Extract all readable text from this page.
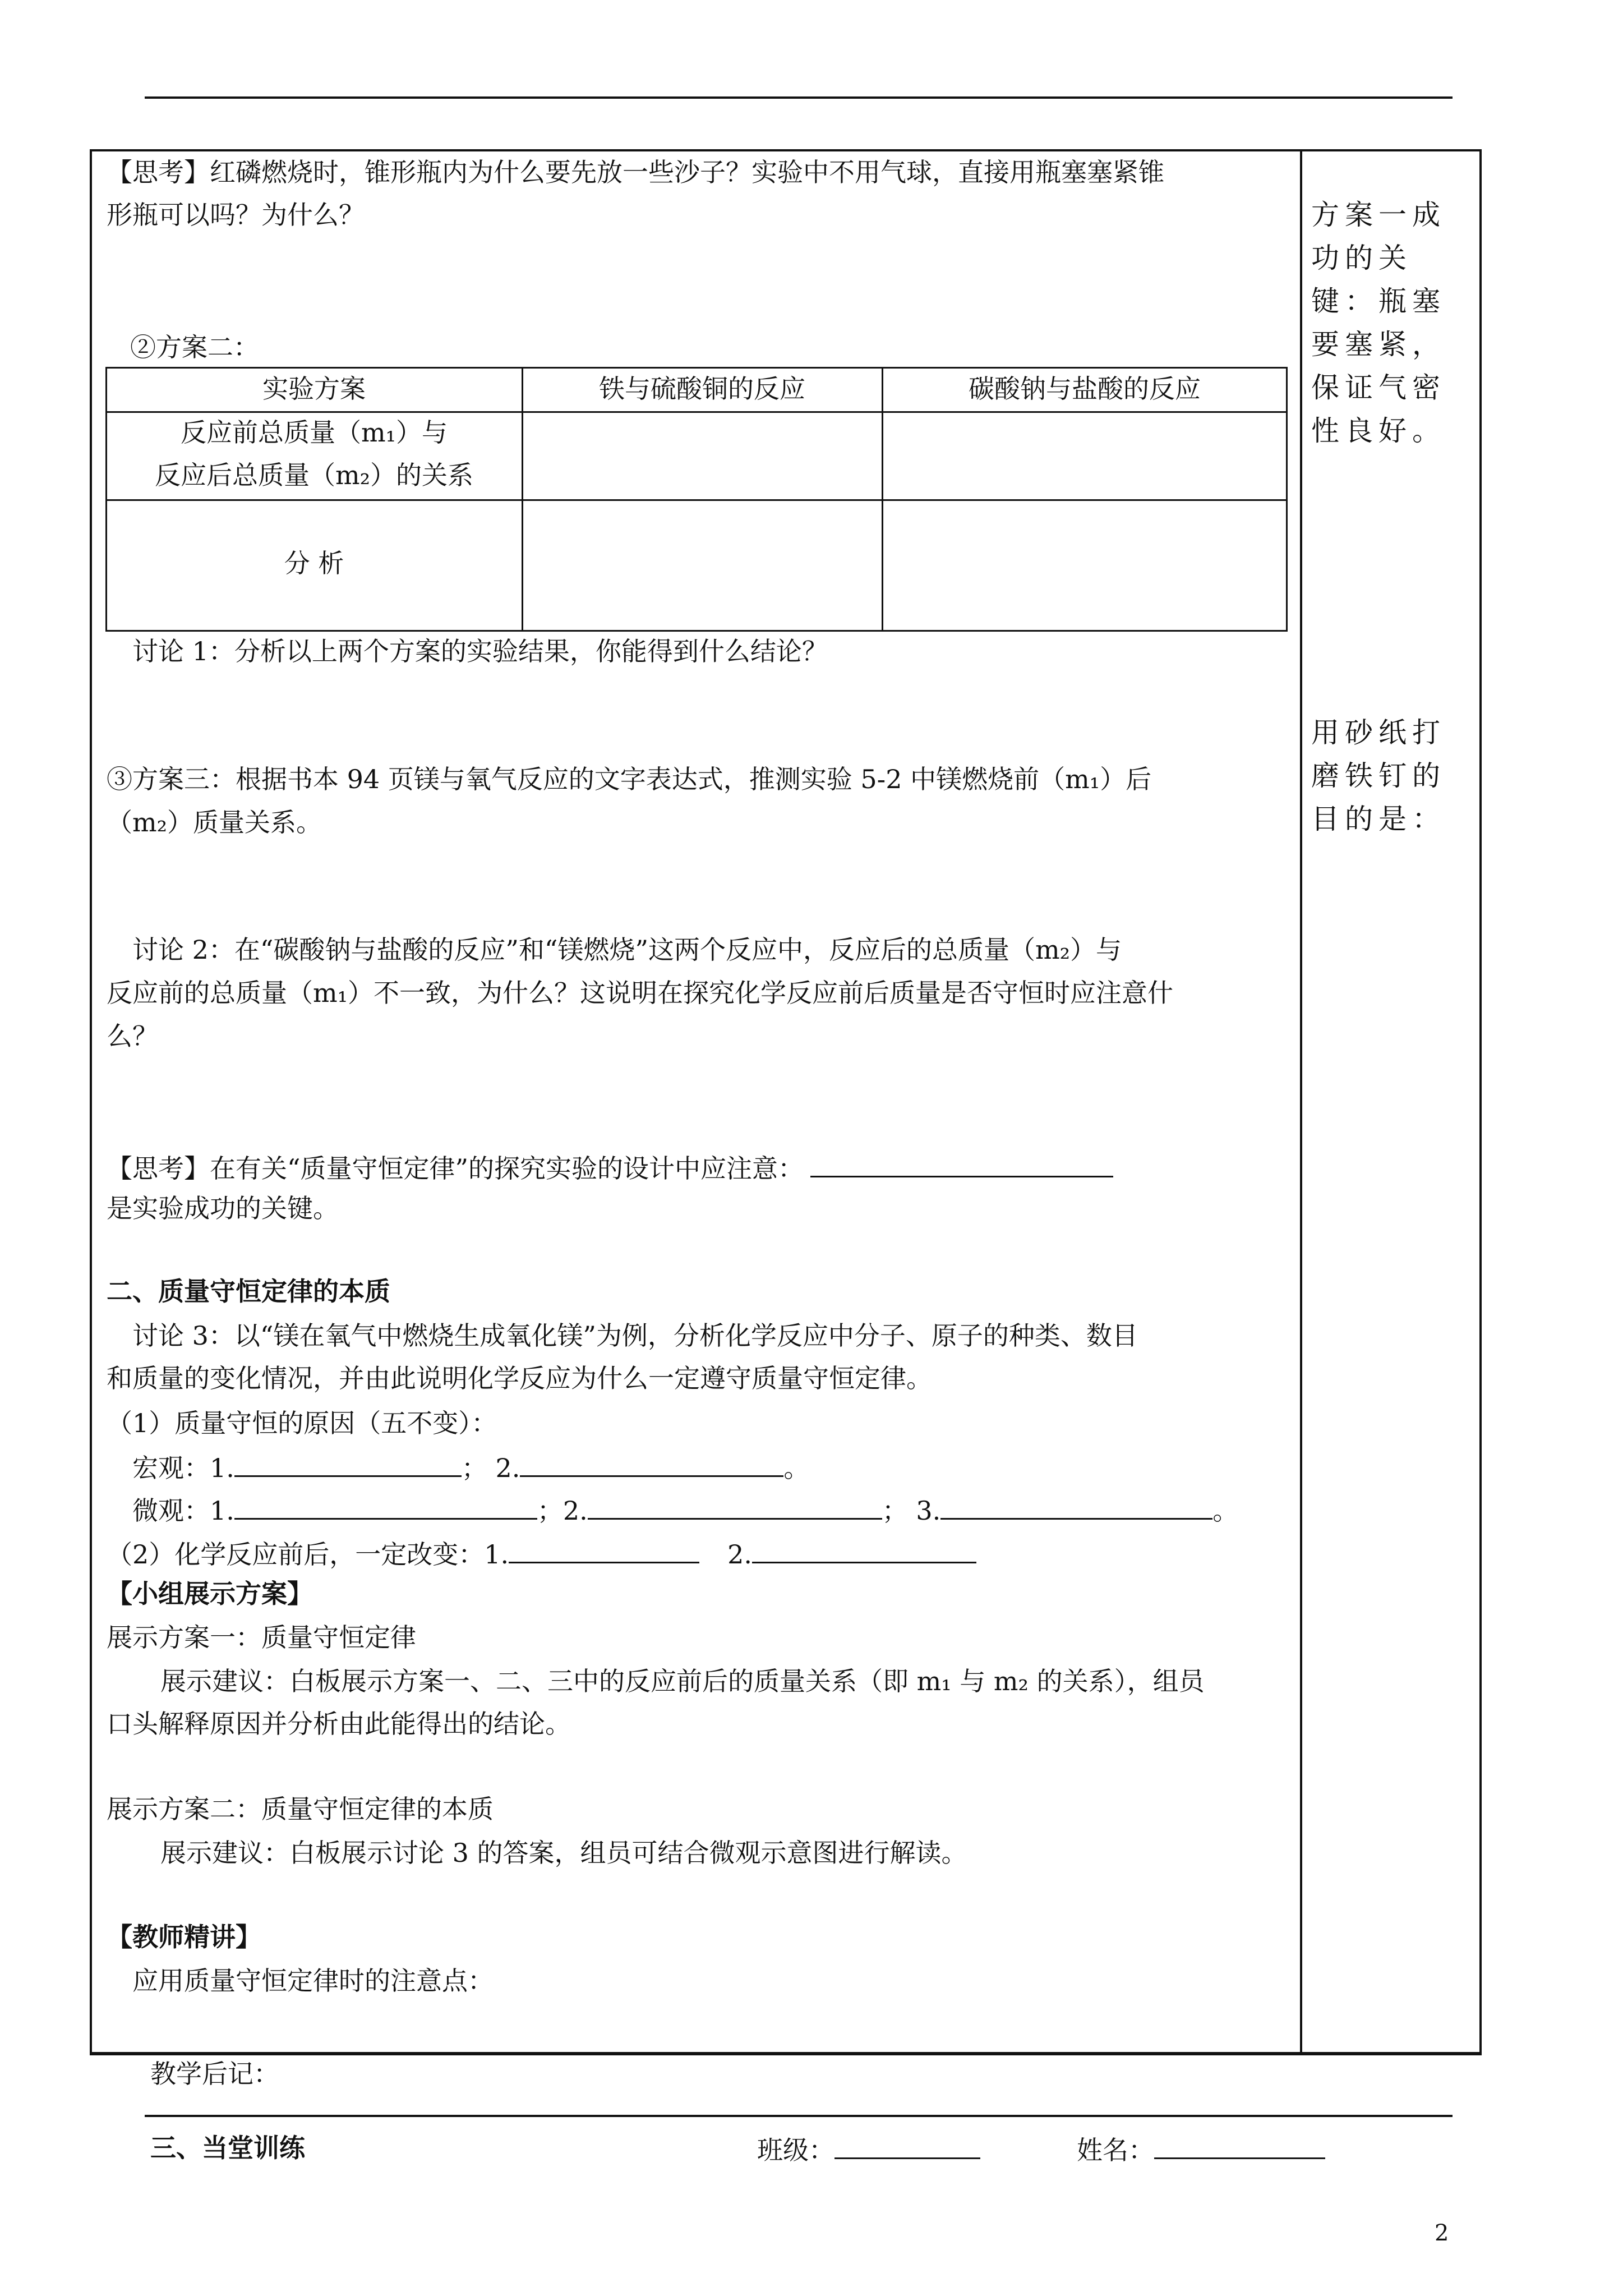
【思考】红磷燃烧时，锥形瓶内为什么要先放一些沙子？实验中不用气球，直接用瓶塞塞紧锥
形瓶可以吗？为什么？
②方案二：
实验方案	铁与硫酸铜的反应	碳酸钠与盐酸的反应
反应前总质量（m₁）与
反应后总质量（m₂）的关系
分 析
讨论 1：分析以上两个方案的实验结果，你能得到什么结论？
③方案三：根据书本 94 页镁与氧气反应的文字表达式，推测实验 5-2 中镁燃烧前（m₁）后
（m₂）质量关系。
讨论 2：在“碳酸钠与盐酸的反应”和“镁燃烧”这两个反应中，反应后的总质量（m₂）与
反应前的总质量（m₁）不一致，为什么？这说明在探究化学反应前后质量是否守恒时应注意什
么？
【思考】在有关“质量守恒定律”的探究实验的设计中应注意：
是实验成功的关键。
二、质量守恒定律的本质
讨论 3：以“镁在氧气中燃烧生成氧化镁”为例，分析化学反应中分子、原子的种类、数目
和质量的变化情况，并由此说明化学反应为什么一定遵守质量守恒定律。
（1）质量守恒的原因（五不变）：
宏观：1.	； 2.	。
微观：1.	；2.	； 3.	。
（2）化学反应前后，一定改变：1.	2.
【小组展示方案】
展示方案一：质量守恒定律
展示建议：白板展示方案一、二、三中的反应前后的质量关系（即 m₁ 与 m₂ 的关系），组员
口头解释原因并分析由此能得出的结论。
展示方案二：质量守恒定律的本质
展示建议：白板展示讨论 3 的答案，组员可结合微观示意图进行解读。
【教师精讲】
应用质量守恒定律时的注意点：
方案一成功的关键：瓶塞要塞紧，保证气密性良好。
用砂纸打磨铁钉的目的是：
教学后记：
三、当堂训练	班级：	姓名：
2
